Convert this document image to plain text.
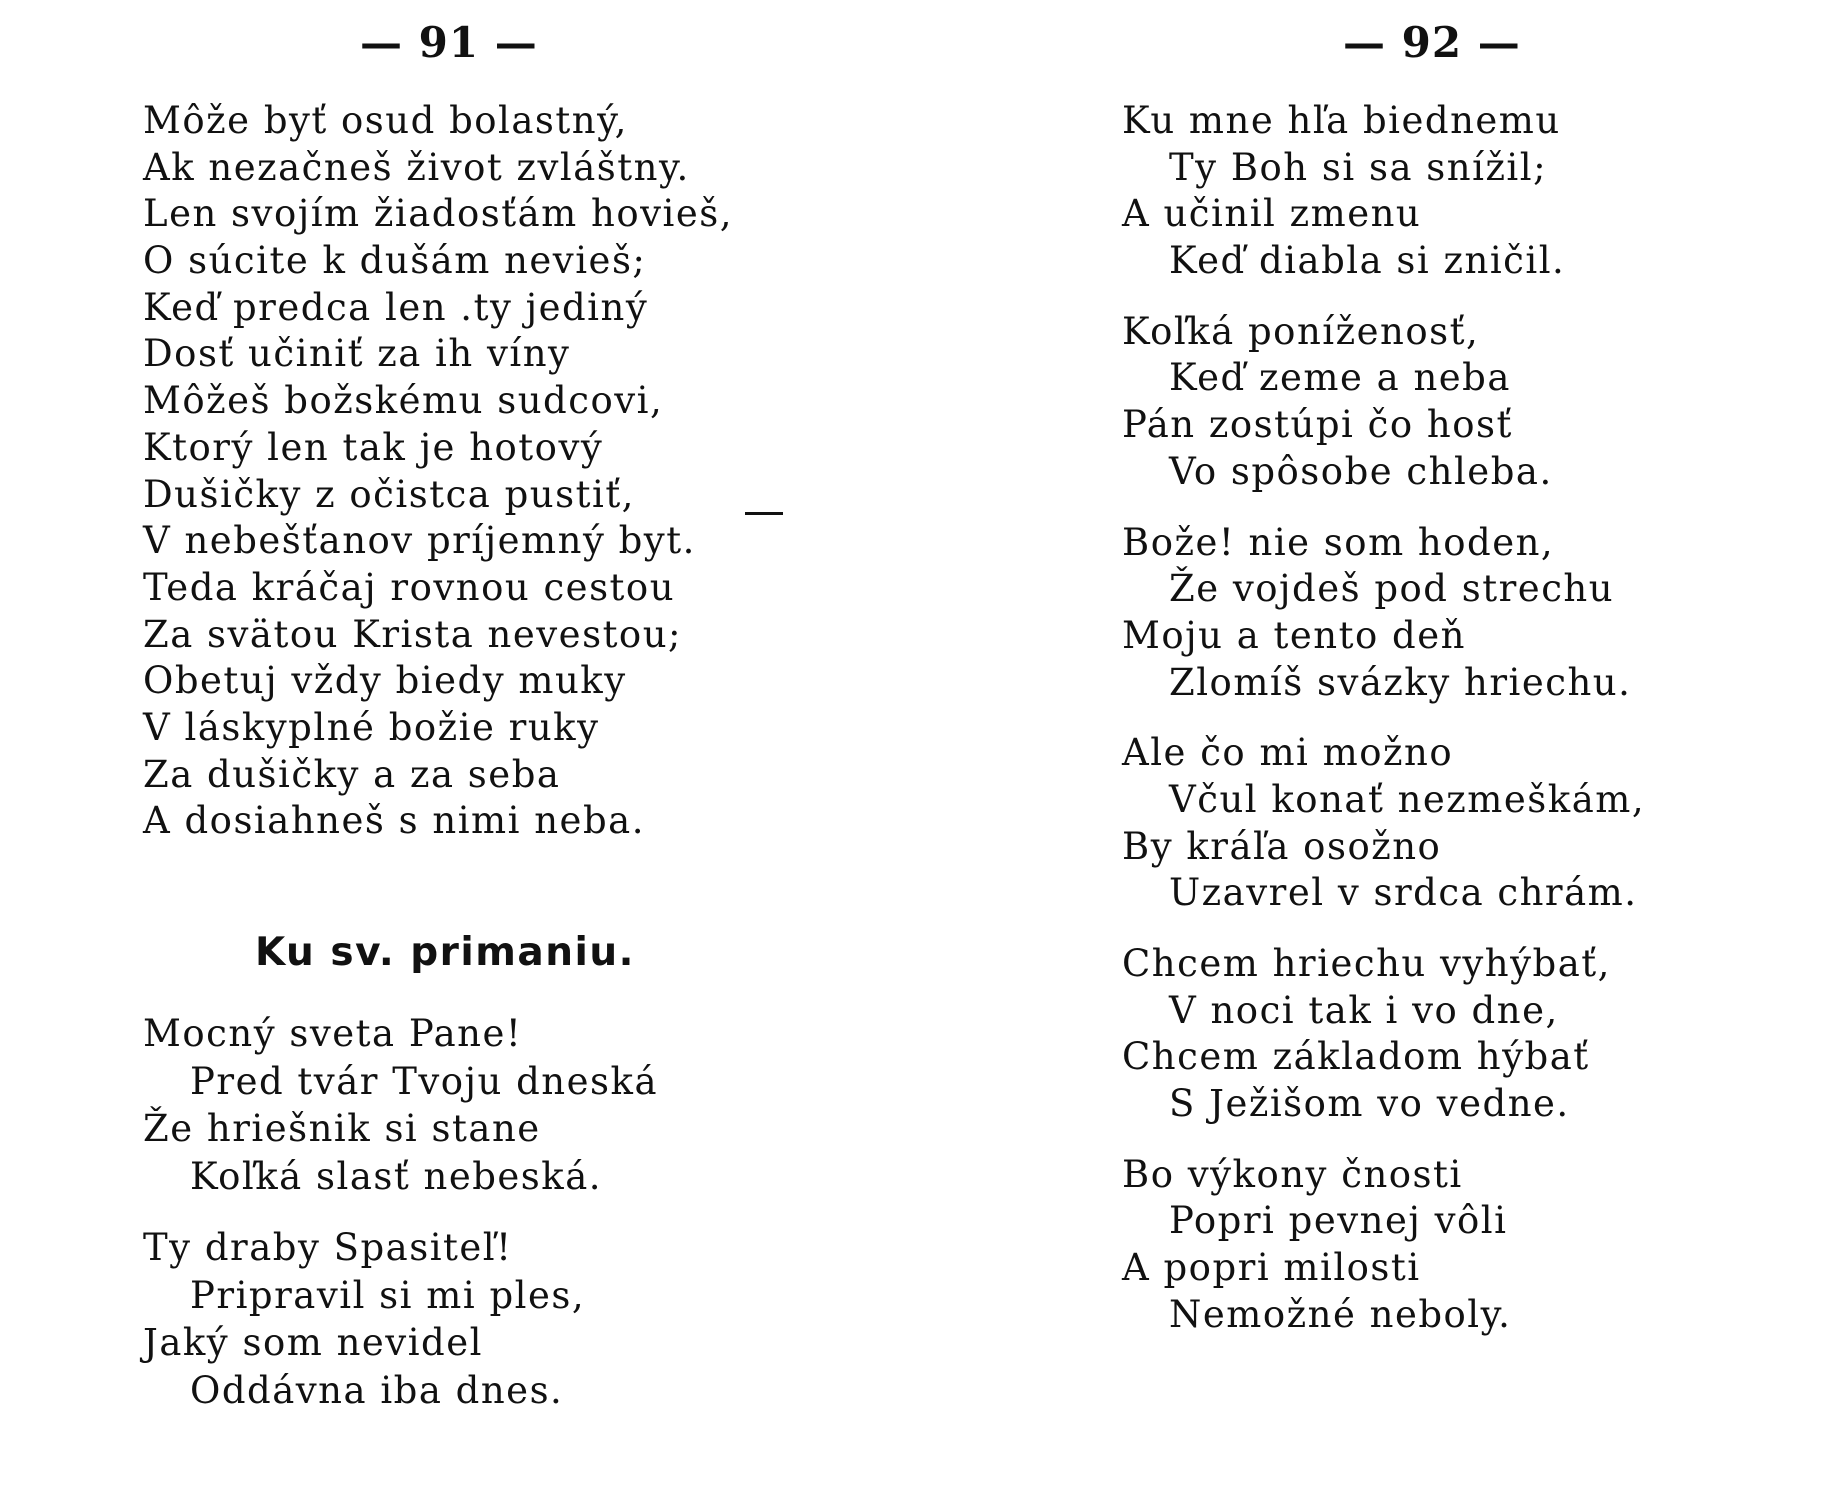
— 91 —
Môže byť osud bolastný,
Ak nezačneš život zvláštny.
Len svojím žiadosťám hovieš,
O súcite k dušám nevieš;
Keď predca len .ty jediný
Dosť učiniť za ih víny
Môžeš božskému sudcovi,
Ktorý len tak je hotový
Dušičky z očistca pustiť,
V nebešťanov príjemný byt.
Teda kráčaj rovnou cestou
Za svätou Krista nevestou;
Obetuj vždy biedy muky
V láskyplné božie ruky
Za dušičky a za seba
A dosiahneš s nimi neba.
Ku sv. primaniu.
Mocný sveta Pane!
Pred tvár Tvoju dneská
Že hriešnik si stane
Koľká slasť nebeská.
Ty draby Spasiteľ!
Pripravil si mi ples,
Jaký som nevidel
Oddávna iba dnes.
— 92 —
Ku mne hľa biednemu
Ty Boh si sa snížil;
A učinil zmenu
Keď diabla si zničil.
Koľká poníženosť,
Keď zeme a neba
Pán zostúpi čo hosť
Vo spôsobe chleba.
Bože! nie som hoden,
Že vojdeš pod strechu
Moju a tento deň
Zlomíš svázky hriechu.
Ale čo mi možno
Včul konať nezmeškám,
By kráľa osožno
Uzavrel v srdca chrám.
Chcem hriechu vyhýbať,
V noci tak i vo dne,
Chcem základom hýbať
S Ježišom vo vedne.
Bo výkony čnosti
Popri pevnej vôli
A popri milosti
Nemožné neboly.
